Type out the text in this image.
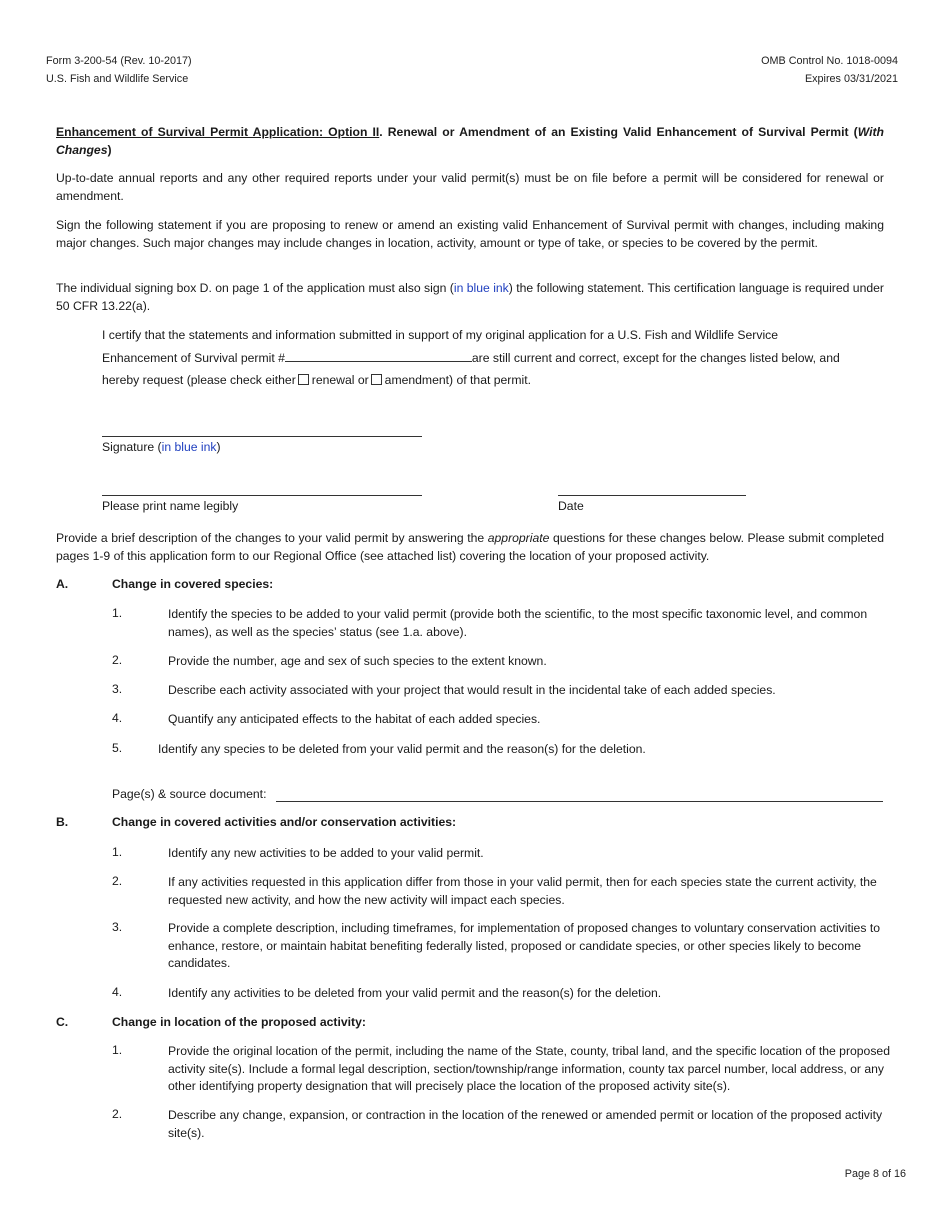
Form 3-200-54 (Rev. 10-2017)
U.S. Fish and Wildlife Service
OMB Control No. 1018-0094
Expires 03/31/2021
Enhancement of Survival Permit Application: Option II. Renewal or Amendment of an Existing Valid Enhancement of Survival Permit (With Changes)
Up-to-date annual reports and any other required reports under your valid permit(s) must be on file before a permit will be considered for renewal or amendment.
Sign the following statement if you are proposing to renew or amend an existing valid Enhancement of Survival permit with changes, including making major changes. Such major changes may include changes in location, activity, amount or type of take, or species to be covered by the permit.
The individual signing box D. on page 1 of the application must also sign (in blue ink) the following statement. This certification language is required under 50 CFR 13.22(a).
I certify that the statements and information submitted in support of my original application for a U.S. Fish and Wildlife Service
Enhancement of Survival permit #	are still current and correct, except for the changes listed below, and
hereby request (please check either renewal or amendment) of that permit.
Signature (in blue ink)
Please print name legibly	Date
Provide a brief description of the changes to your valid permit by answering the appropriate questions for these changes below. Please submit completed pages 1-9 of this application form to our Regional Office (see attached list) covering the location of your proposed activity.
A.	Change in covered species:
1.	Identify the species to be added to your valid permit (provide both the scientific, to the most specific taxonomic level, and common names), as well as the species’ status (see 1.a. above).
2.	Provide the number, age and sex of such species to the extent known.
3.	Describe each activity associated with your project that would result in the incidental take of each added species.
4.	Quantify any anticipated effects to the habitat of each added species.
5.	Identify any species to be deleted from your valid permit and the reason(s) for the deletion.
Page(s) & source document:
B.	Change in covered activities and/or conservation activities:
1.	Identify any new activities to be added to your valid permit.
2.	If any activities requested in this application differ from those in your valid permit, then for each species state the current activity, the requested new activity, and how the new activity will impact each species.
3.	Provide a complete description, including timeframes, for implementation of proposed changes to voluntary conservation activities to enhance, restore, or maintain habitat benefiting federally listed, proposed or candidate species, or other species likely to become candidates.
4.	Identify any activities to be deleted from your valid permit and the reason(s) for the deletion.
C.	Change in location of the proposed activity:
1.	Provide the original location of the permit, including the name of the State, county, tribal land, and the specific location of the proposed activity site(s). Include a formal legal description, section/township/range information, county tax parcel number, local address, or any other identifying property designation that will precisely place the location of the proposed activity site(s).
2.	Describe any change, expansion, or contraction in the location of the renewed or amended permit or location of the proposed activity site(s).
Page 8 of 16
